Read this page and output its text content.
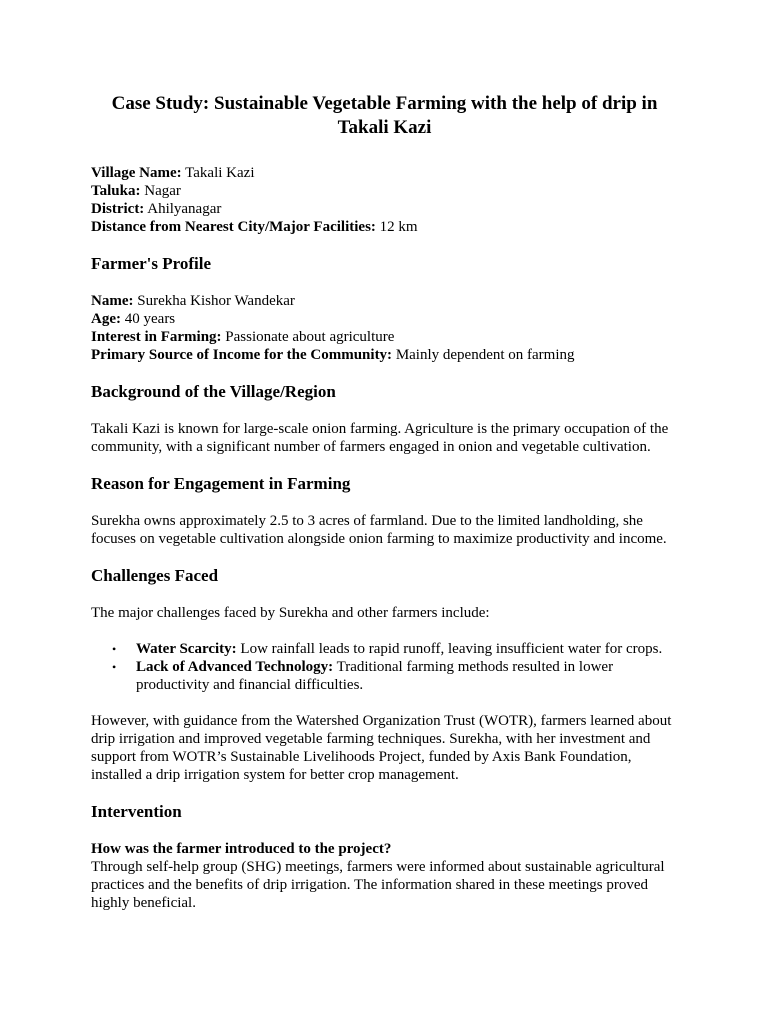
Case Study: Sustainable Vegetable Farming with the help of drip in
Takali Kazi
Village Name: Takali Kazi
Taluka: Nagar
District: Ahilyanagar
Distance from Nearest City/Major Facilities: 12 km
Farmer's Profile
Name: Surekha Kishor Wandekar
Age: 40 years
Interest in Farming: Passionate about agriculture
Primary Source of Income for the Community: Mainly dependent on farming
Background of the Village/Region

Takali Kazi is known for large-scale onion farming. Agriculture is the primary occupation of the community, with a significant number of farmers engaged in onion and vegetable cultivation.

Reason for Engagement in Farming

Surekha owns approximately 2.5 to 3 acres of farmland. Due to the limited landholding, she focuses on vegetable cultivation alongside onion farming to maximize productivity and income.

Challenges Faced

The major challenges faced by Surekha and other farmers include:

• Water Scarcity: Low rainfall leads to rapid runoff, leaving insufficient water for crops.
• Lack of Advanced Technology: Traditional farming methods resulted in lower productivity and financial difficulties.

However, with guidance from the Watershed Organization Trust (WOTR), farmers learned about drip irrigation and improved vegetable farming techniques. Surekha, with her investment and support from WOTR’s Sustainable Livelihoods Project, funded by Axis Bank Foundation, installed a drip irrigation system for better crop management.

Intervention

How was the farmer introduced to the project?

Through self-help group (SHG) meetings, farmers were informed about sustainable agricultural practices and the benefits of drip irrigation. The information shared in these meetings proved highly beneficial.
